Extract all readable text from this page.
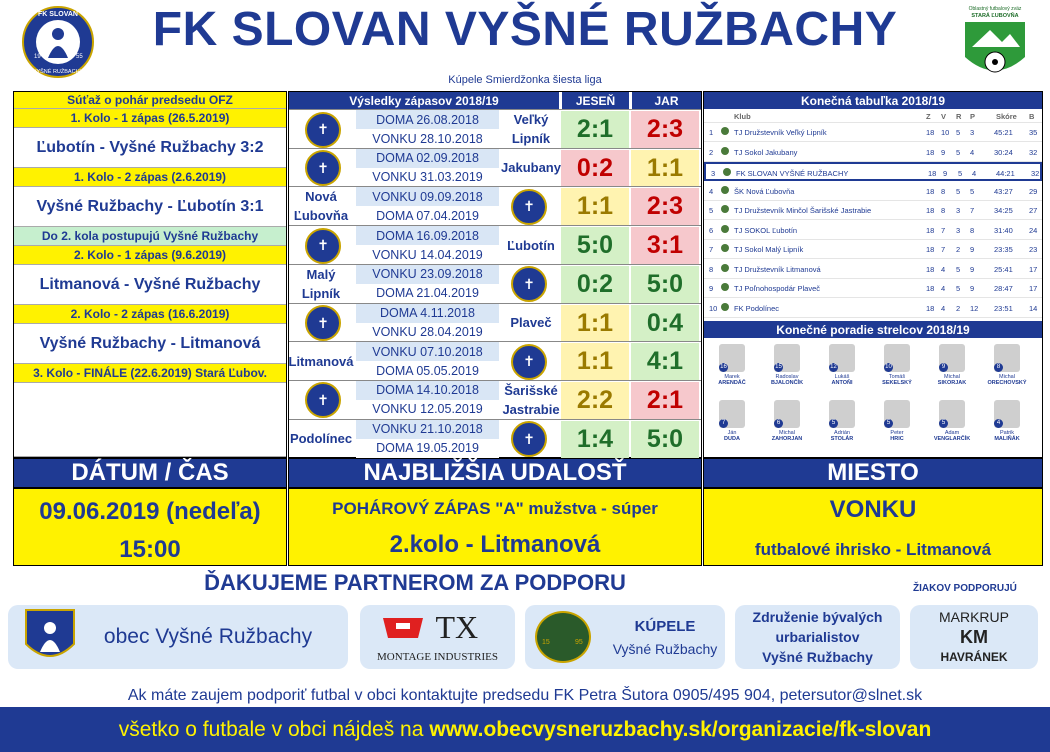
FK SLOVAN
VYŠNÉ RUŽBACHY
19	55
FK SLOVAN VYŠNÉ RUŽBACHY
Kúpele Smierdžonka šiesta liga
Oblastný futbalový zväz
STARÁ ĽUBOVŇA
Súťaž o pohár predsedu OFZ
1. Kolo - 1 zápas (26.5.2019)
Ľubotín - Vyšné Ružbachy 3:2
1. Kolo - 2 zápas (2.6.2019)
Vyšné Ružbachy - Ľubotín 3:1
Do 2. kola postupujú Vyšné Ružbachy
2. Kolo - 1 zápas (9.6.2019)
Litmanová - Vyšné Ružbachy
2. Kolo - 2 zápas (16.6.2019)
Vyšné Ružbachy - Litmanová
3. Kolo - FINÁLE (22.6.2019) Stará Ľubov.
Výsledky zápasov 2018/19	JESEŇ	JAR
✝
DOMA 26.08.2018
VONKU 28.10.2018
Veľký Lipník	2:1	2:3
✝
DOMA 02.09.2018
VONKU 31.03.2019
Jakubany 0:2	1:1
✝
VONKU 09.09.2018
DOMA 07.04.2019
Nová Ľubovňa	1:1	2:3
✝
DOMA 16.09.2018
VONKU 14.04.2019
Ľubotín 5:0	3:1
✝
VONKU 23.09.2018
DOMA 21.04.2019
Malý Lipník	0:2	5:0
✝
DOMA 4.11.2018
VONKU 28.04.2019
Plaveč	1:1	0:4
✝
VONKU 07.10.2018
DOMA 05.05.2019
Litmanová	1:1	4:1
✝
DOMA 14.10.2018
VONKU 12.05.2019
Šarišské Jastrabie 2:2	2:1
✝
VONKU 21.10.2018
DOMA 19.05.2019
Podolínec	1:4	5:0
Konečná tabuľka 2018/19
Klub	Z V R P	Skóre B
1	TJ Družstevník Veľký Lipník	18 10 5 3	45:21 35
2	TJ Sokol Jakubany	18 9 5 4	30:24 32
3	FK SLOVAN VYŠNÉ RUŽBACHY	18 9 5 4	44:21 32
4	ŠK Nová Ľubovňa	18 8 5 5	43:27 29
5	TJ Družstevník Minčol Šarišské Jastrabie	18 8 3 7	34:25 27
6	TJ SOKOL Ľubotín	18 7 3 8	31:40 24
7	TJ Sokol Malý Lipník	18 7 2 9	23:35 23
8	TJ Družstevník Litmanová	18 4 5 9	25:41 17
9	TJ Poľnohospodár Plaveč	18 4 5 9	28:47 17
10 FK Podolínec	18 4 2 12 23:51 14
Konečné poradie strelcov 2018/19
16
Marek
ARENDÁČ
15
Radoslav
BJALONČÍK
12
Lukáš
ANTOŇI
10
Tomáš
SEKELSKÝ
9
Michal
SIKORJAK
8
Michal
ORECHOVSKÝ
7
Ján
DUDA
6
Michal
ZAHORJAN
5
Adrián
STOLÁR
5
Peter
HRIC
5
Adam
VENGLARČÍK
4
Patrik
MALIŇÁK
DÁTUM / ČAS	NAJBLIŽŠIA UDALOSŤ	MIESTO
09.06.2019 (nedeľa)
15:00
POHÁROVÝ ZÁPAS "A" mužstva - súper
2.kolo - Litmanová
VONKU
futbalové ihrisko - Litmanová
ĎAKUJEME PARTNEROM ZA PODPORU	ŽIAKOV PODPORUJÚ
obec Vyšné Ružbachy	TX
MONTAGE INDUSTRIES
15	95
KÚPELE
Vyšné Ružbachy
Združenie bývalých
urbarialistov
Vyšné Ružbachy
MARKRUP
KM
HAVRÁNEK
Ak máte zaujem podporiť futbal v obci kontaktujte predsedu FK Petra Šutora 0905/495 904, petersutor@slnet.sk
všetko o futbale v obci nájdeš na www.obecvysneruzbachy.sk/organizacie/fk-slovan
